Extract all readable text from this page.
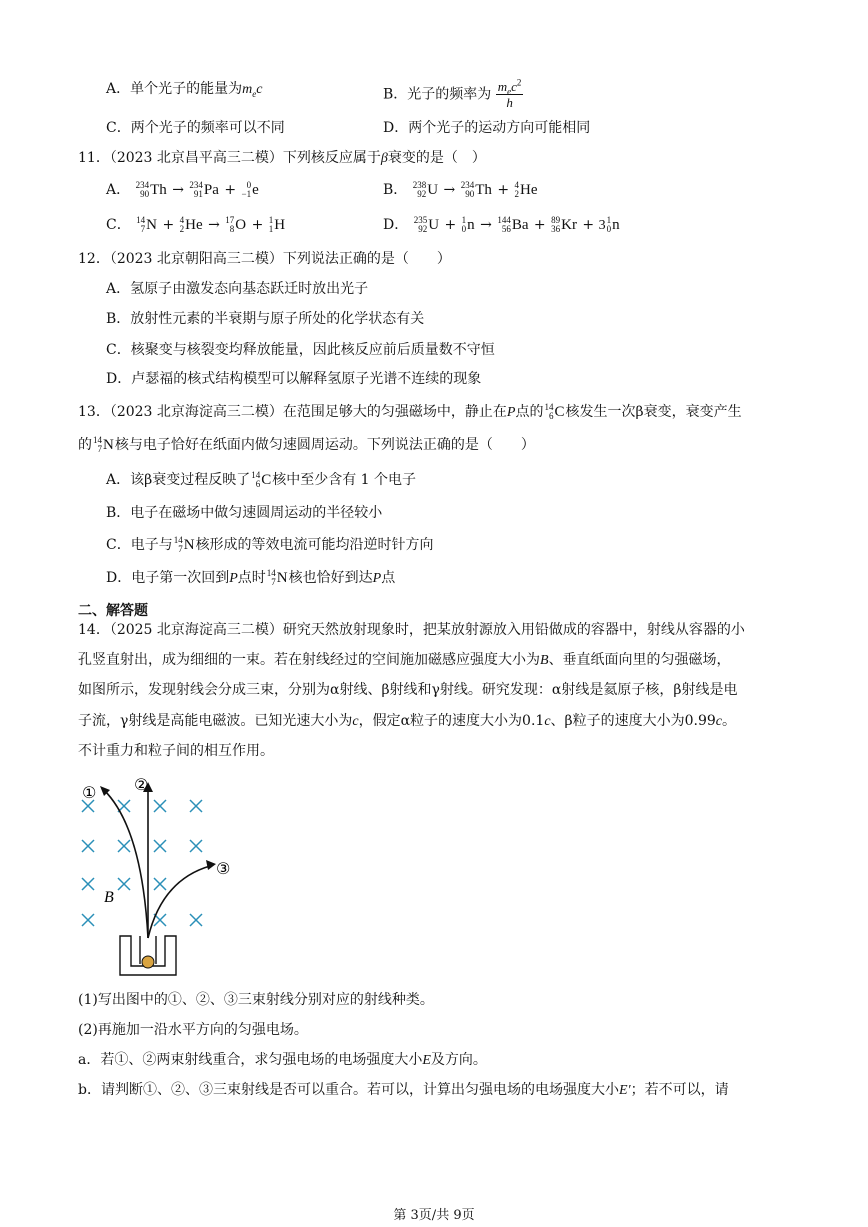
A．单个光子的能量为$m_ec$	B．光子的频率为 $\frac{m_ec^2}{h}$
C．两个光子的频率可以不同	D．两个光子的运动方向可能相同
11．（2023 北京昌平高三二模）下列核反应属于β衰变的是（　）
A． 234
90 Th → 234
91 Pa + 0
−1 e	B． 238
92 U → 234
90 Th + 4
2 He
C． 14
7 N + 4
2 He → 17
8 O + 1
1 H	D． 235
92 U + 1
0 n → 144
56 Ba + 89
36 Kr + 3 1
0 n
12．（2023 北京朝阳高三二模）下列说法正确的是（　　）
A．氢原子由激发态向基态跃迁时放出光子
B．放射性元素的半衰期与原子所处的化学状态有关
C．核聚变与核裂变均释放能量，因此核反应前后质量数不守恒
D．卢瑟福的核式结构模型可以解释氢原子光谱不连续的现象
13．（2023 北京海淀高三二模）在范围足够大的匀强磁场中，静止在P点的 14
6 C 核发生一次β衰变，衰变产生
的 14
7 N 核与电子恰好在纸面内做匀速圆周运动。下列说法正确的是（　　）
A．该β衰变过程反映了 14
6 C 核中至少含有 1 个电子
B．电子在磁场中做匀速圆周运动的半径较小
C．电子与 14
7 N 核形成的等效电流可能均沿逆时针方向
D．电子第一次回到P点时 14
7 N 核也恰好到达P点
二、解答题
14．（2025 北京海淀高三二模）研究天然放射现象时，把某放射源放入用铅做成的容器中，射线从容器的小
孔竖直射出，成为细细的一束。若在射线经过的空间施加磁感应强度大小为B、垂直纸面向里的匀强磁场，
如图所示，发现射线会分成三束，分别为α射线、β射线和γ射线。研究发现：α射线是氦原子核，β射线是电
子流，γ射线是高能电磁波。已知光速大小为c，假定α粒子的速度大小为0.1c、β粒子的速度大小为0.99c。
不计重力和粒子间的相互作用。
① ②
③
B
(1)写出图中的①、②、③三束射线分别对应的射线种类。
(2)再施加一沿水平方向的匀强电场。
a．若①、②两束射线重合，求匀强电场的电场强度大小E及方向。
b．请判断①、②、③三束射线是否可以重合。若可以，计算出匀强电场的电场强度大小E′；若不可以，请
第 3页/共 9页
